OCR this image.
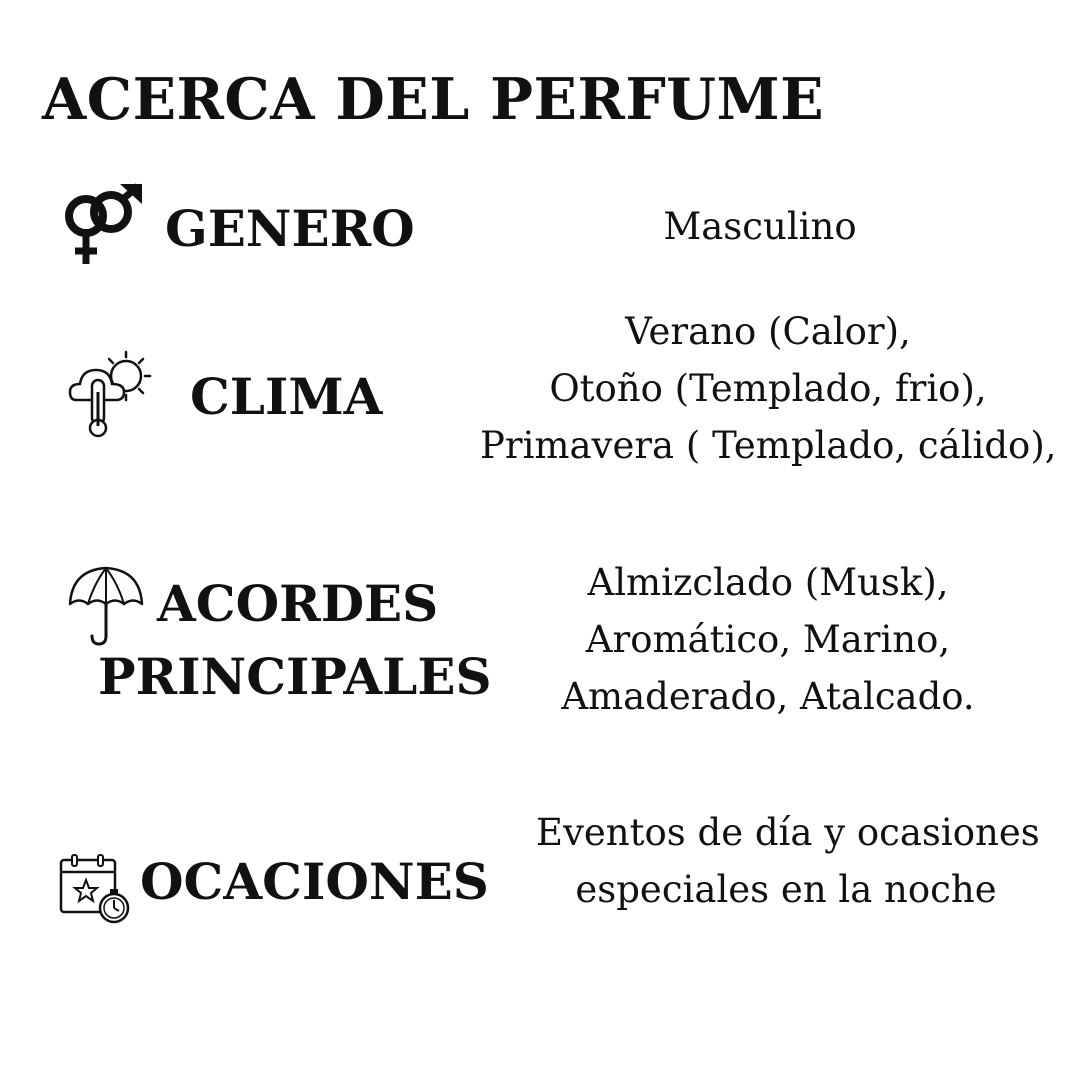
ACERCA DEL PERFUME
GENERO	Masculino
CLIMA
Verano (Calor),
Otoño (Templado, frio),
Primavera ( Templado, cálido),
ACORDES
PRINCIPALES
Almizclado (Musk),
Aromático, Marino,
Amaderado, Atalcado.
OCACIONES
Eventos de día y ocasiones
especiales en la noche
